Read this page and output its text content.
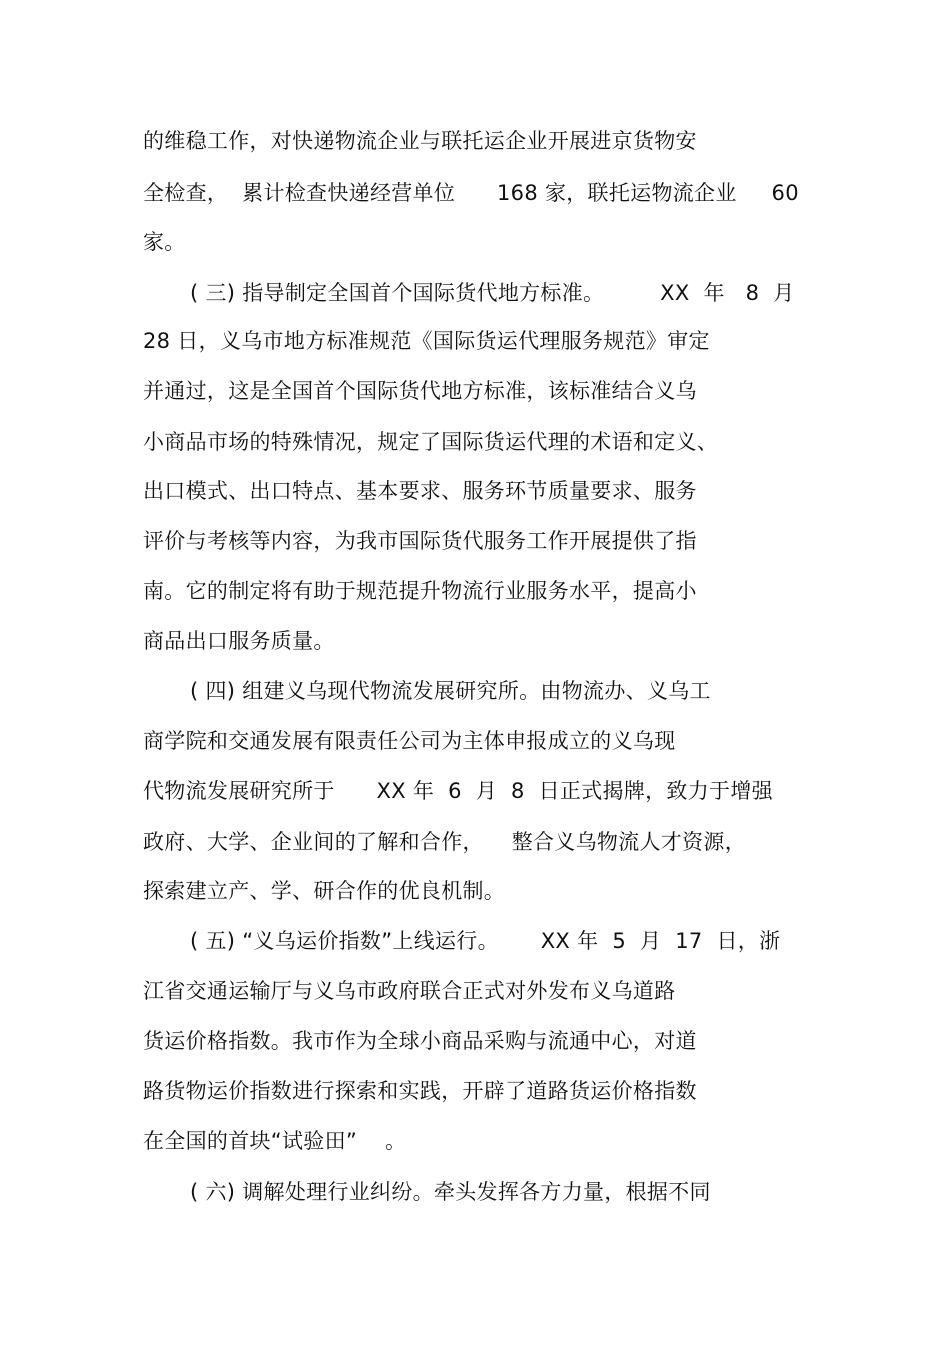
的维稳工作，对快递物流企业与联托运企业开展进京货物安

全检查，  累计检查快递经营单位      168 家，联托运物流企业     60

家。

( 三) 指导制定全国首个国际货代地方标准。        XX  年   8  月

28 日，义乌市地方标准规范《国际货运代理服务规范》审定

并通过，这是全国首个国际货代地方标准，该标准结合义乌

小商品市场的特殊情况，规定了国际货运代理的术语和定义、

出口模式、出口特点、基本要求、服务环节质量要求、服务

评价与考核等内容，为我市国际货代服务工作开展提供了指

南。它的制定将有助于规范提升物流行业服务水平，提高小

商品出口服务质量。

( 四) 组建义乌现代物流发展研究所。由物流办、义乌工

商学院和交通发展有限责任公司为主体申报成立的义乌现

代物流发展研究所于      XX 年  6  月  8  日正式揭牌，致力于增强

政府、大学、企业间的了解和合作，    整合义乌物流人才资源，

探索建立产、学、研合作的优良机制。

( 五) “义乌运价指数”上线运行。      XX 年  5  月  17  日，浙

江省交通运输厅与义乌市政府联合正式对外发布义乌道路

货运价格指数。我市作为全球小商品采购与流通中心，对道

路货物运价指数进行探索和实践，开辟了道路货运价格指数

在全国的首块“试验田”    。

( 六) 调解处理行业纠纷。牵头发挥各方力量，根据不同
